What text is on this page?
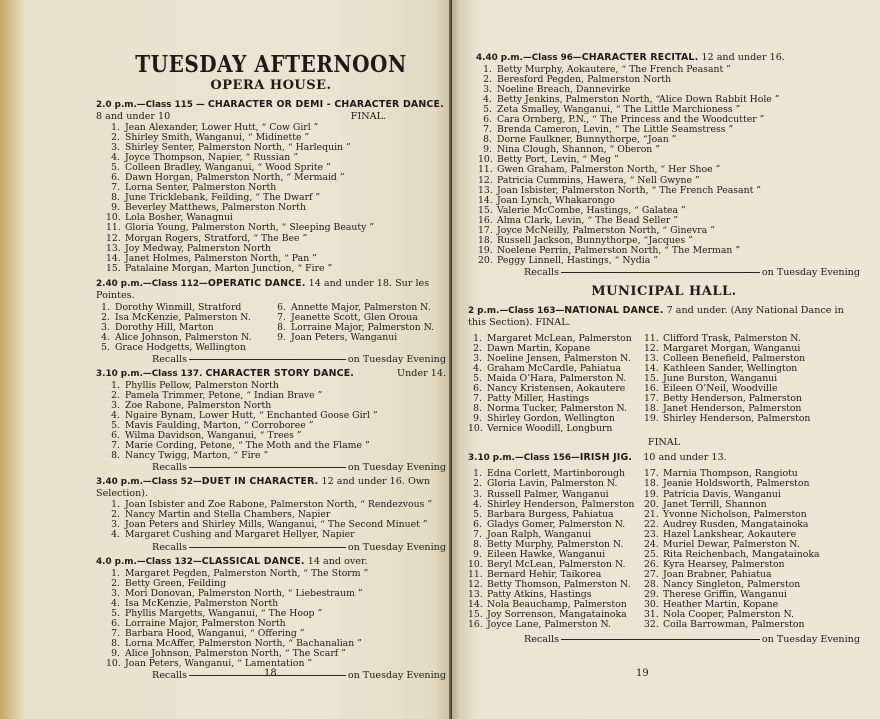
TUESDAY AFTERNOON
OPERA HOUSE.
2.0 p.m.—Class 115 — CHARACTER OR DEMI - CHARACTER DANCE. 8 and under 10	FINAL.
1. Jean Alexander, Lower Hutt, “ Cow Girl ”
2. Shirley Smith, Wanganui, “ Midinette ”
3. Shirley Senter, Palmerston North, “ Harlequin ”
4. Joyce Thompson, Napier, “ Russian ”
5. Colleen Bradley, Wanganui, “ Wood Sprite ”
6. Dawn Horgan, Palmerston North, “ Mermaid ”
7. Lorna Senter, Palmerston North
8. June Tricklebank, Feilding, “ The Dwarf ”
9. Beverley Matthews, Palmerston North
10. Lola Bosher, Wanagnui
11. Gloria Young, Palmerston North, “ Sleeping Beauty ”
12. Morgan Rogers, Stratford, “ The Bee ”
13. Joy Medway, Palmerston North
14. Janet Holmes, Palmerston North, “ Pan ”
15. Patalaine Morgan, Marton Junction, “ Fire ”
2.40 p.m.—Class 112—OPERATIC DANCE. 14 and under 18. Sur les Pointes.
1. Dorothy Winmill, Stratford
2. Isa McKenzie, Palmerston N.
3. Dorothy Hill, Marton
4. Alice Johnson, Palmerston N.
5. Grace Hodgetts, Wellington
6. Annette Major, Palmerston N.
7. Jeanette Scott, Glen Oroua
8. Lorraine Major, Palmerston N.
9. Joan Peters, Wanganui
Recalls	on Tuesday Evening
3.10 p.m.—Class 137. CHARACTER STORY DANCE.	Under 14.
1. Phyllis Pellow, Palmerston North
2. Pamela Trimmer, Petone, “ Indian Brave ”
3. Zoe Rabone, Palmerston North
4. Ngaire Bynam, Lower Hutt, “ Enchanted Goose Girl ”
5. Mavis Faulding, Marton, “ Corroboree ”
6. Wilma Davidson, Wanganui, “ Trees ”
7. Marie Cording, Petone, “ The Moth and the Flame ”
8. Nancy Twigg, Marton, “ Fire ”
Recalls	on Tuesday Evening
3.40 p.m.—Class 52—DUET IN CHARACTER. 12 and under 16. Own Selection).
1. Joan Isbister and Zoe Rabone, Palmerston North, “ Rendezvous ”
2. Nancy Martin and Stella Chambers, Napier
3. Joan Peters and Shirley Mills, Wanganui, “ The Second Minuet ”
4. Margaret Cushing and Margaret Hellyer, Napier
Recalls	on Tuesday Evening
4.0 p.m.—Class 132—CLASSICAL DANCE. 14 and over.
1. Margaret Pegden, Palmerston North, “ The Storm ”
2. Betty Green, Feilding
3. Mori Donovan, Palmerston North, “ Liebestraum ”
4. Isa McKenzie, Palmerston North
5. Phyllis Margetts, Wanganui, “ The Hoop ”
6. Lorraine Major, Palmerston North
7. Barbara Hood, Wanganui, “ Offering ”
8. Lorna McAffer, Palmerston North, “ Bachanalian ”
9. Alice Johnson, Palmerston North, “ The Scarf ”
10. Joan Peters, Wanganui, “ Lamentation ”
Recalls	on Tuesday Evening
18
4.40 p.m.—Class 96—CHARACTER RECITAL. 12 and under 16.
1. Betty Murphy, Aokautere, “ The French Peasant ”
2. Beresford Pegden, Palmerston North
3. Noeline Breach, Dannevirke
4. Betty Jenkins, Palmerston North, “Alice Down Rabbit Hole ”
5. Zeta Smalley, Wanganui, “ The Little Marchioness ”
6. Cara Ornberg, P.N., “ The Princess and the Woodcutter ”
7. Brenda Cameron, Levin, “ The Little Seamstress ”
8. Dorne Faulkner, Bunnythorpe, “Joan ”
9. Nina Clough, Shannon, “ Oberon ”
10. Betty Port, Levin, “ Meg ”
11. Gwen Graham, Palmerston North, “ Her Shoe ”
12. Patricia Cummins, Hawera, “ Nell Gwyne ”
13. Joan Isbister, Palmerston North, “ The French Peasant ”
14. Joan Lynch, Whakarongo
15. Valerie McCombe, Hastings, “ Galatea ”
16. Alma Clark, Levin, “ The Bead Seller ”
17. Joyce McNeilly, Palmerston North, “ Ginevra ”
18. Russell Jackson, Bunnythorpe, “Jacques ”
19. Noelene Perrin, Palmerston North, “ The Merman ”
20. Peggy Linnell, Hastings, “ Nydia ”
Recalls	on Tuesday Evening
MUNICIPAL HALL.
2 p.m.—Class 163—NATIONAL DANCE. 7 and under. (Any National Dance in this Section). FINAL.
1. Margaret McLean, Palmerston
2. Dawn Martin, Kopane
3. Noeline Jensen, Palmerston N.
4. Graham McCardle, Pahiatua
5. Maida O’Hara, Palmerston N.
6. Nancy Kristensen, Aokautere
7. Patty Miller, Hastings
8. Norma Tucker, Palmerston N.
9. Shirley Gordon, Wellington
10. Vernice Woodill, Longburn
11. Clifford Trask, Palmerston N.
12. Margaret Morgan, Wanganui
13. Colleen Benefield, Palmerston
14. Kathleen Sander, Wellington
15. June Burston, Wanganui
16. Eileen O’Neil, Woodville
17. Betty Henderson, Palmerston
18. Janet Henderson, Palmerston
19. Shirley Henderson, Palmerston
FINAL
3.10 p.m.—Class 156—IRISH JIG. 10 and under 13.
1. Edna Corlett, Martinborough
2. Gloria Lavin, Palmerston N.
3. Russell Palmer, Wanganui
4. Shirley Henderson, Palmerston
5. Barbara Burgess, Pahiatua
6. Gladys Gomer, Palmerston N.
7. Joan Ralph, Wanganui
8. Betty Murphy, Palmerston N.
9. Eileen Hawke, Wanganui
10. Beryl McLean, Palmerston N.
11. Bernard Hehir, Taikorea
12. Betty Thomson, Palmerston N.
13. Patty Atkins, Hastings
14. Nola Beauchamp, Palmerston
15. Joy Sorrenson, Mangatainoka
16. Joyce Lane, Palmerston N.
17. Marnia Thompson, Rangiotu
18. Jeanie Holdsworth, Palmerston
19. Patricia Davis, Wanganui
20. Janet Terrill, Shannon
21. Yvonne Nicholson, Palmerston
22. Audrey Rusden, Mangatainoka
23. Hazel Lankshear, Aokautere
24. Muriel Dewar, Palmerston N.
25. Rita Reichenbach, Mangatainoka
26. Kyra Hearsey, Palmerston
27. Joan Brabner, Pahiatua
28. Nancy Singleton, Palmerston
29. Therese Griffin, Wanganui
30. Heather Martin, Kopane
31. Nola Cooper, Palmerston N.
32. Coila Barrowman, Palmerston
Recalls	on Tuesday Evening
19
